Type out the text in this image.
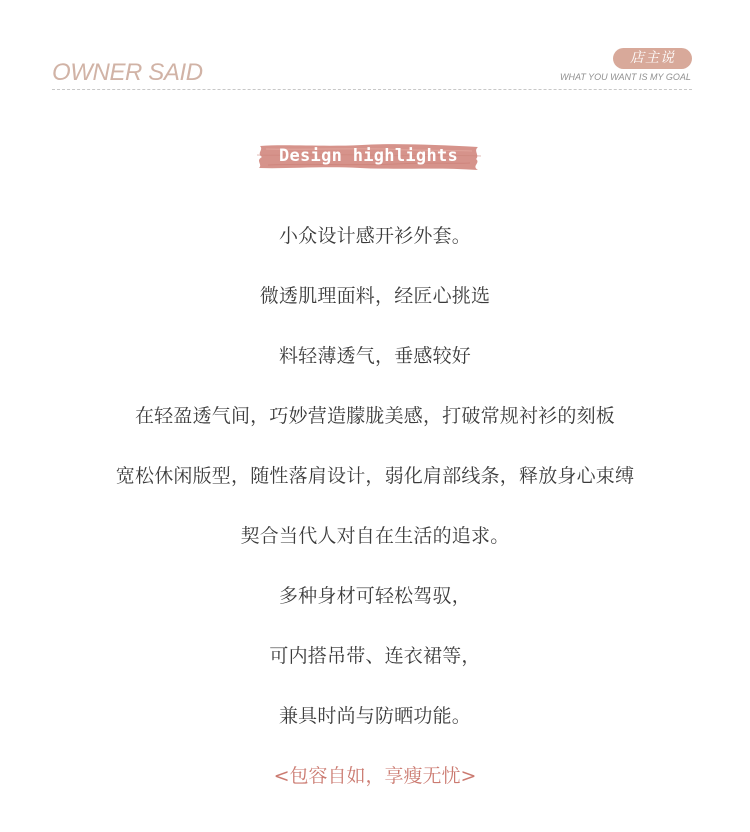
OWNER SAID
店主说
WHAT YOU WANT IS MY GOAL
Design highlights
小众设计感开衫外套。
微透肌理面料，经匠心挑选
料轻薄透气，垂感较好
在轻盈透气间，巧妙营造朦胧美感，打破常规衬衫的刻板
宽松休闲版型，随性落肩设计，弱化肩部线条，释放身心束缚
契合当代人对自在生活的追求。
多种身材可轻松驾驭，
可内搭吊带、连衣裙等，
兼具时尚与防晒功能。
<包容自如，享瘦无忧>
